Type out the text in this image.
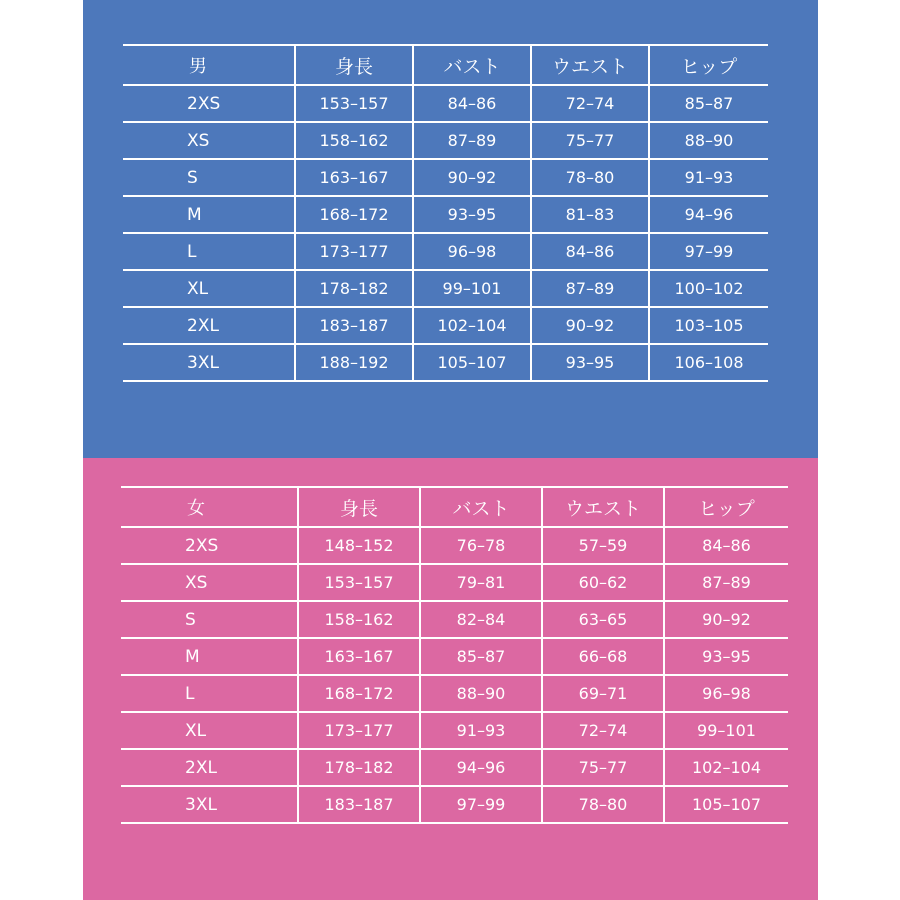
男	身長	バスト	ウエスト	ヒップ
2XS	153–157	84–86	72–74	85–87
XS	158–162	87–89	75–77	88–90
S	163–167	90–92	78–80	91–93
M	168–172	93–95	81–83	94–96
L	173–177	96–98	84–86	97–99
XL	178–182	99–101	87–89	100–102
2XL	183–187	102–104	90–92	103–105
3XL	188–192	105–107	93–95	106–108
女	身長	バスト	ウエスト	ヒップ
2XS	148–152	76–78	57–59	84–86
XS	153–157	79–81	60–62	87–89
S	158–162	82–84	63–65	90–92
M	163–167	85–87	66–68	93–95
L	168–172	88–90	69–71	96–98
XL	173–177	91–93	72–74	99–101
2XL	178–182	94–96	75–77	102–104
3XL	183–187	97–99	78–80	105–107
